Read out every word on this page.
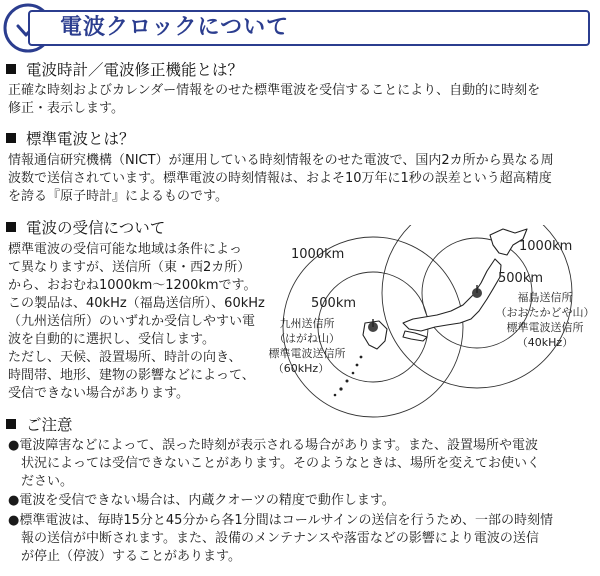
電波クロックについて
電波時計／電波修正機能とは？
正確な時刻およびカレンダー情報をのせた標準電波を受信することにより、自動的に時刻を
修正・表示します。
標準電波とは？
情報通信研究機構（NICT）が運用している時刻情報をのせた電波で、国内2カ所から異なる周
波数で送信されています。標準電波の時刻情報は、およそ10万年に1秒の誤差という超高精度
を誇る『原子時計』によるものです。
電波の受信について
標準電波の受信可能な地域は条件によっ
て異なりますが、送信所（東・西2カ所）
から、おおむね1000km〜1200kmです。
この製品は、40kHz（福島送信所）、60kHz
（九州送信所）のいずれか受信しやすい電
波を自動的に選択し、受信します。
ただし、天候、設置場所、時計の向き、
時間帯、地形、建物の影響などによって、
受信できない場合があります。
1000km
500km
1000km
500km
九州送信所
（はがね山）
標準電波送信所
（60kHz）
福島送信所
（おおたかどや山）
標準電波送信所
（40kHz）
ご注意
●電波障害などによって、誤った時刻が表示される場合があります。また、設置場所や電波
　状況によっては受信できないことがあります。そのようなときは、場所を変えてお使いく
　ださい。
●電波を受信できない場合は、内蔵クオーツの精度で動作します。
●標準電波は、毎時15分と45分から各1分間はコールサインの送信を行うため、一部の時刻情
　報の送信が中断されます。また、設備のメンテナンスや落雷などの影響により電波の送信
　が停止（停波）することがあります。
